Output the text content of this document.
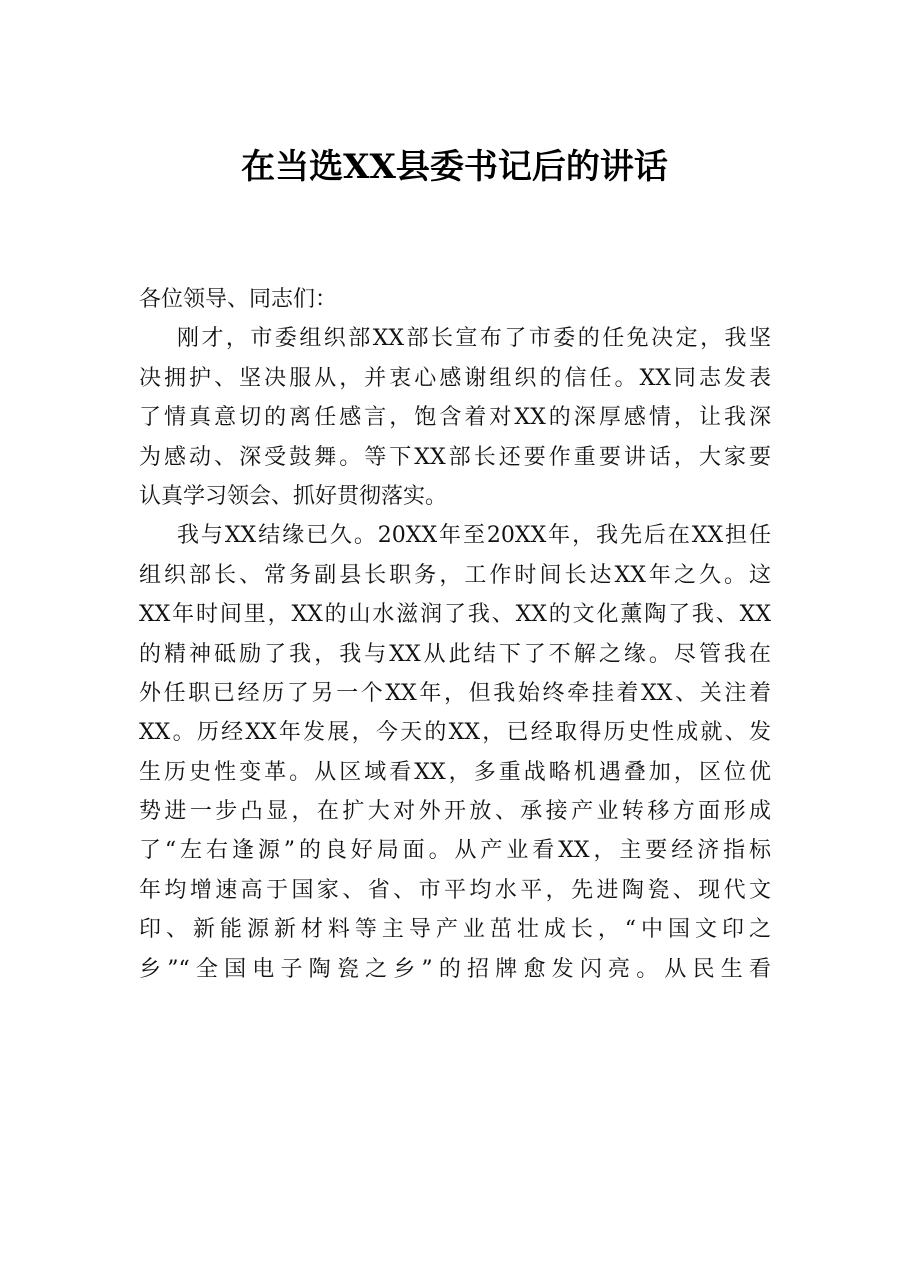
在当选XX县委书记后的讲话
各位领导、同志们：
刚才，市委组织部XX部长宣布了市委的任免决定，我坚
决拥护、坚决服从，并衷心感谢组织的信任。XX同志发表
了情真意切的离任感言，饱含着对XX的深厚感情，让我深
为感动、深受鼓舞。等下XX部长还要作重要讲话，大家要
认真学习领会、抓好贯彻落实。
我与XX结缘已久。20XX年至20XX年，我先后在XX担任
组织部长、常务副县长职务，工作时间长达XX年之久。这
XX年时间里，XX的山水滋润了我、XX的文化薰陶了我、XX
的精神砥励了我，我与XX从此结下了不解之缘。尽管我在
外任职已经历了另一个XX年，但我始终牵挂着XX、关注着
XX。历经XX年发展，今天的XX，已经取得历史性成就、发
生历史性变革。从区域看XX，多重战略机遇叠加，区位优
势进一步凸显，在扩大对外开放、承接产业转移方面形成
了“左右逢源”的良好局面。从产业看XX，主要经济指标
年均增速高于国家、省、市平均水平，先进陶瓷、现代文
印、新能源新材料等主导产业茁壮成长，“中国文印之
乡”“全国电子陶瓷之乡”的招牌愈发闪亮。从民生看
